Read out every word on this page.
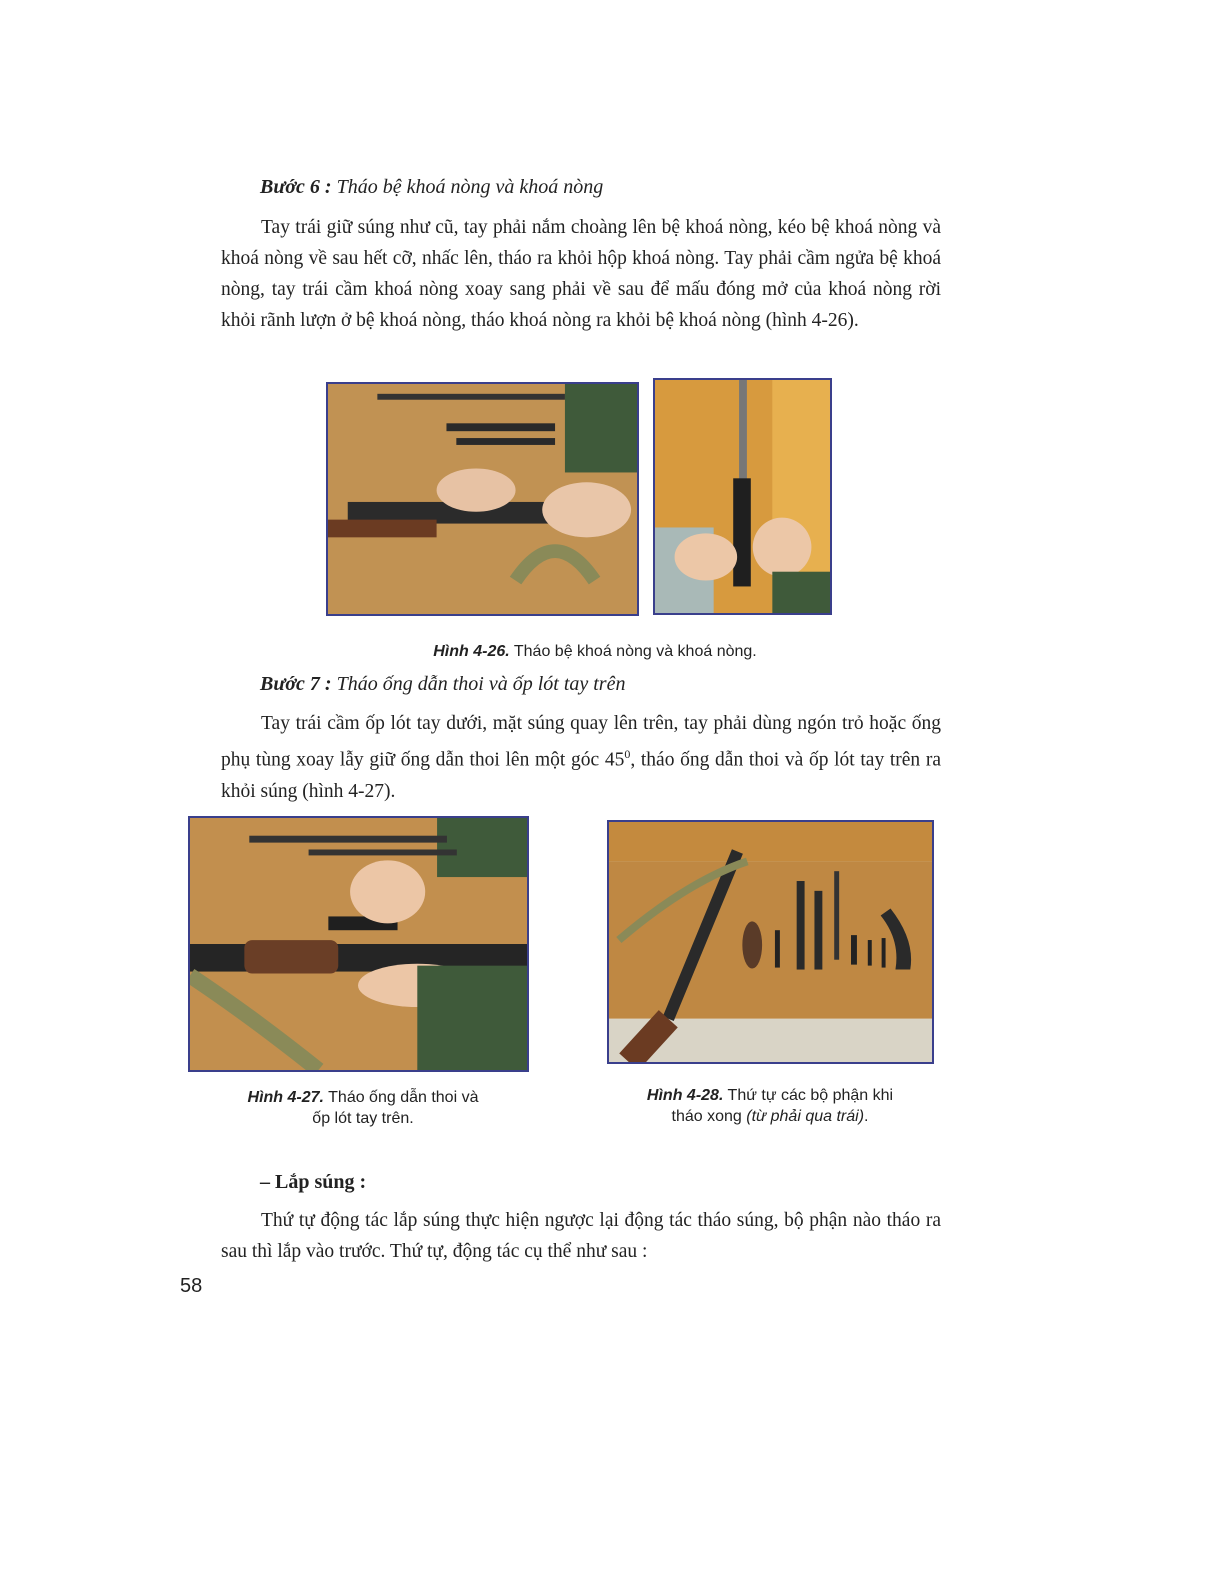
Bước 6 : Tháo bệ khoá nòng và khoá nòng
Tay trái giữ súng như cũ, tay phải nắm choàng lên bệ khoá nòng, kéo bệ khoá nòng và khoá nòng về sau hết cỡ, nhấc lên, tháo ra khỏi hộp khoá nòng. Tay phải cầm ngửa bệ khoá nòng, tay trái cầm khoá nòng xoay sang phải về sau để mấu đóng mở của khoá nòng rời khỏi rãnh lượn ở bệ khoá nòng, tháo khoá nòng ra khỏi bệ khoá nòng (hình 4-26).
Hình 4-26. Tháo bệ khoá nòng và khoá nòng.
Bước 7 : Tháo ống dẫn thoi và ốp lót tay trên
Tay trái cầm ốp lót tay dưới, mặt súng quay lên trên, tay phải dùng ngón trỏ hoặc ống phụ tùng xoay lẫy giữ ống dẫn thoi lên một góc $45^0$, tháo ống dẫn thoi và ốp lót tay trên ra khỏi súng (hình 4-27).
Hình 4-27. Tháo ống dẫn thoi và
ốp lót tay trên.
Hình 4-28. Thứ tự các bộ phận khi
tháo xong (từ phải qua trái).
– Lắp súng :
Thứ tự động tác lắp súng thực hiện ngược lại động tác tháo súng, bộ phận nào tháo ra sau thì lắp vào trước. Thứ tự, động tác cụ thể như sau :
58
